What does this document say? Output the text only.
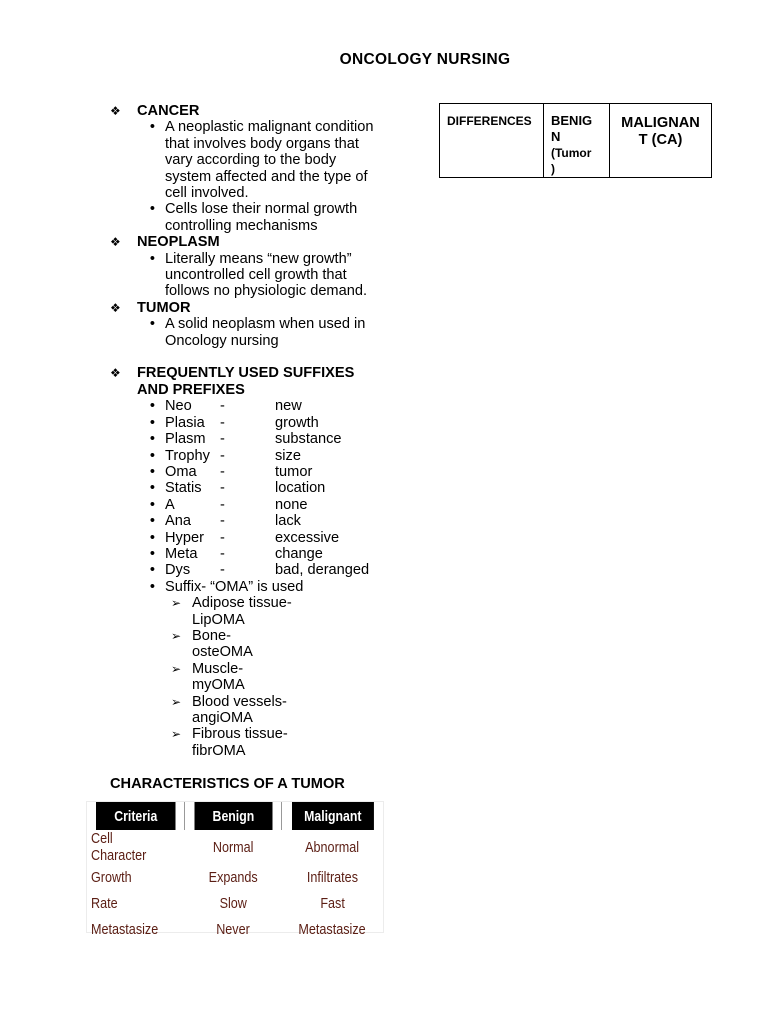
ONCOLOGY NURSING
❖	CANCER
•
A neoplastic malignant condition
that involves body organs that
vary according to the body
system affected and the type of
cell involved.
•
Cells lose their normal growth
controlling mechanisms
❖	NEOPLASM
•
Literally means “new growth”
uncontrolled cell growth that
follows no physiologic demand.
❖	TUMOR
•
A solid neoplasm when used in
Oncology nursing
❖	FREQUENTLY USED SUFFIXES
AND PREFIXES
•
Neo	-	new
•
Plasia	-	growth
•
Plasm -	substance
•
Trophy -	size
•
Oma	-	tumor
•
Statis	-	location
•
A	-	none
•
Ana	-	lack
•
Hyper	-	excessive
•
Meta	-	change
•
Dys	-	bad, deranged
•
Suffix- “OMA” is used
➢ Adipose tissue-
LipOMA
➢ Bone-
osteOMA
➢ Muscle-
myOMA
➢ Blood vessels-
angiOMA
➢ Fibrous tissue-
fibrOMA
CHARACTERISTICS OF A TUMOR
DIFFERENCES	BENIG
N
(Tumor
)
	MALIGNAN
T (CA)
Criteria	Benign	Malignant
Cell Character	Normal	Abnormal
Growth	Expands	Infiltrates
Rate	Slow	Fast
Metastasize	Never	Metastasize
